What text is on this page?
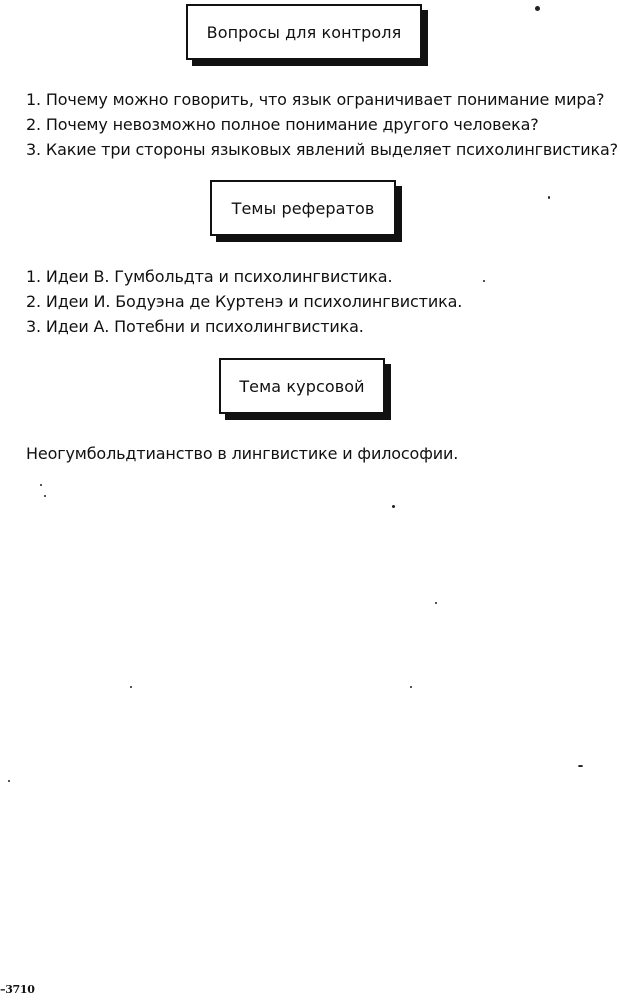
Вопросы для контроля
1. Почему можно говорить, что язык ограничивает понимание мира?
2. Почему невозможно полное понимание другого человека?
3. Какие три стороны языковых явлений выделяет психолингвистика?
Темы рефератов
1. Идеи В. Гумбольдта и психолингвистика.
2. Идеи И. Бодуэна де Куртенэ и психолингвистика.
3. Идеи А. Потебни и психолингвистика.
Тема курсовой
Неогумбольдтианство в лингвистике и философии.
–3710
